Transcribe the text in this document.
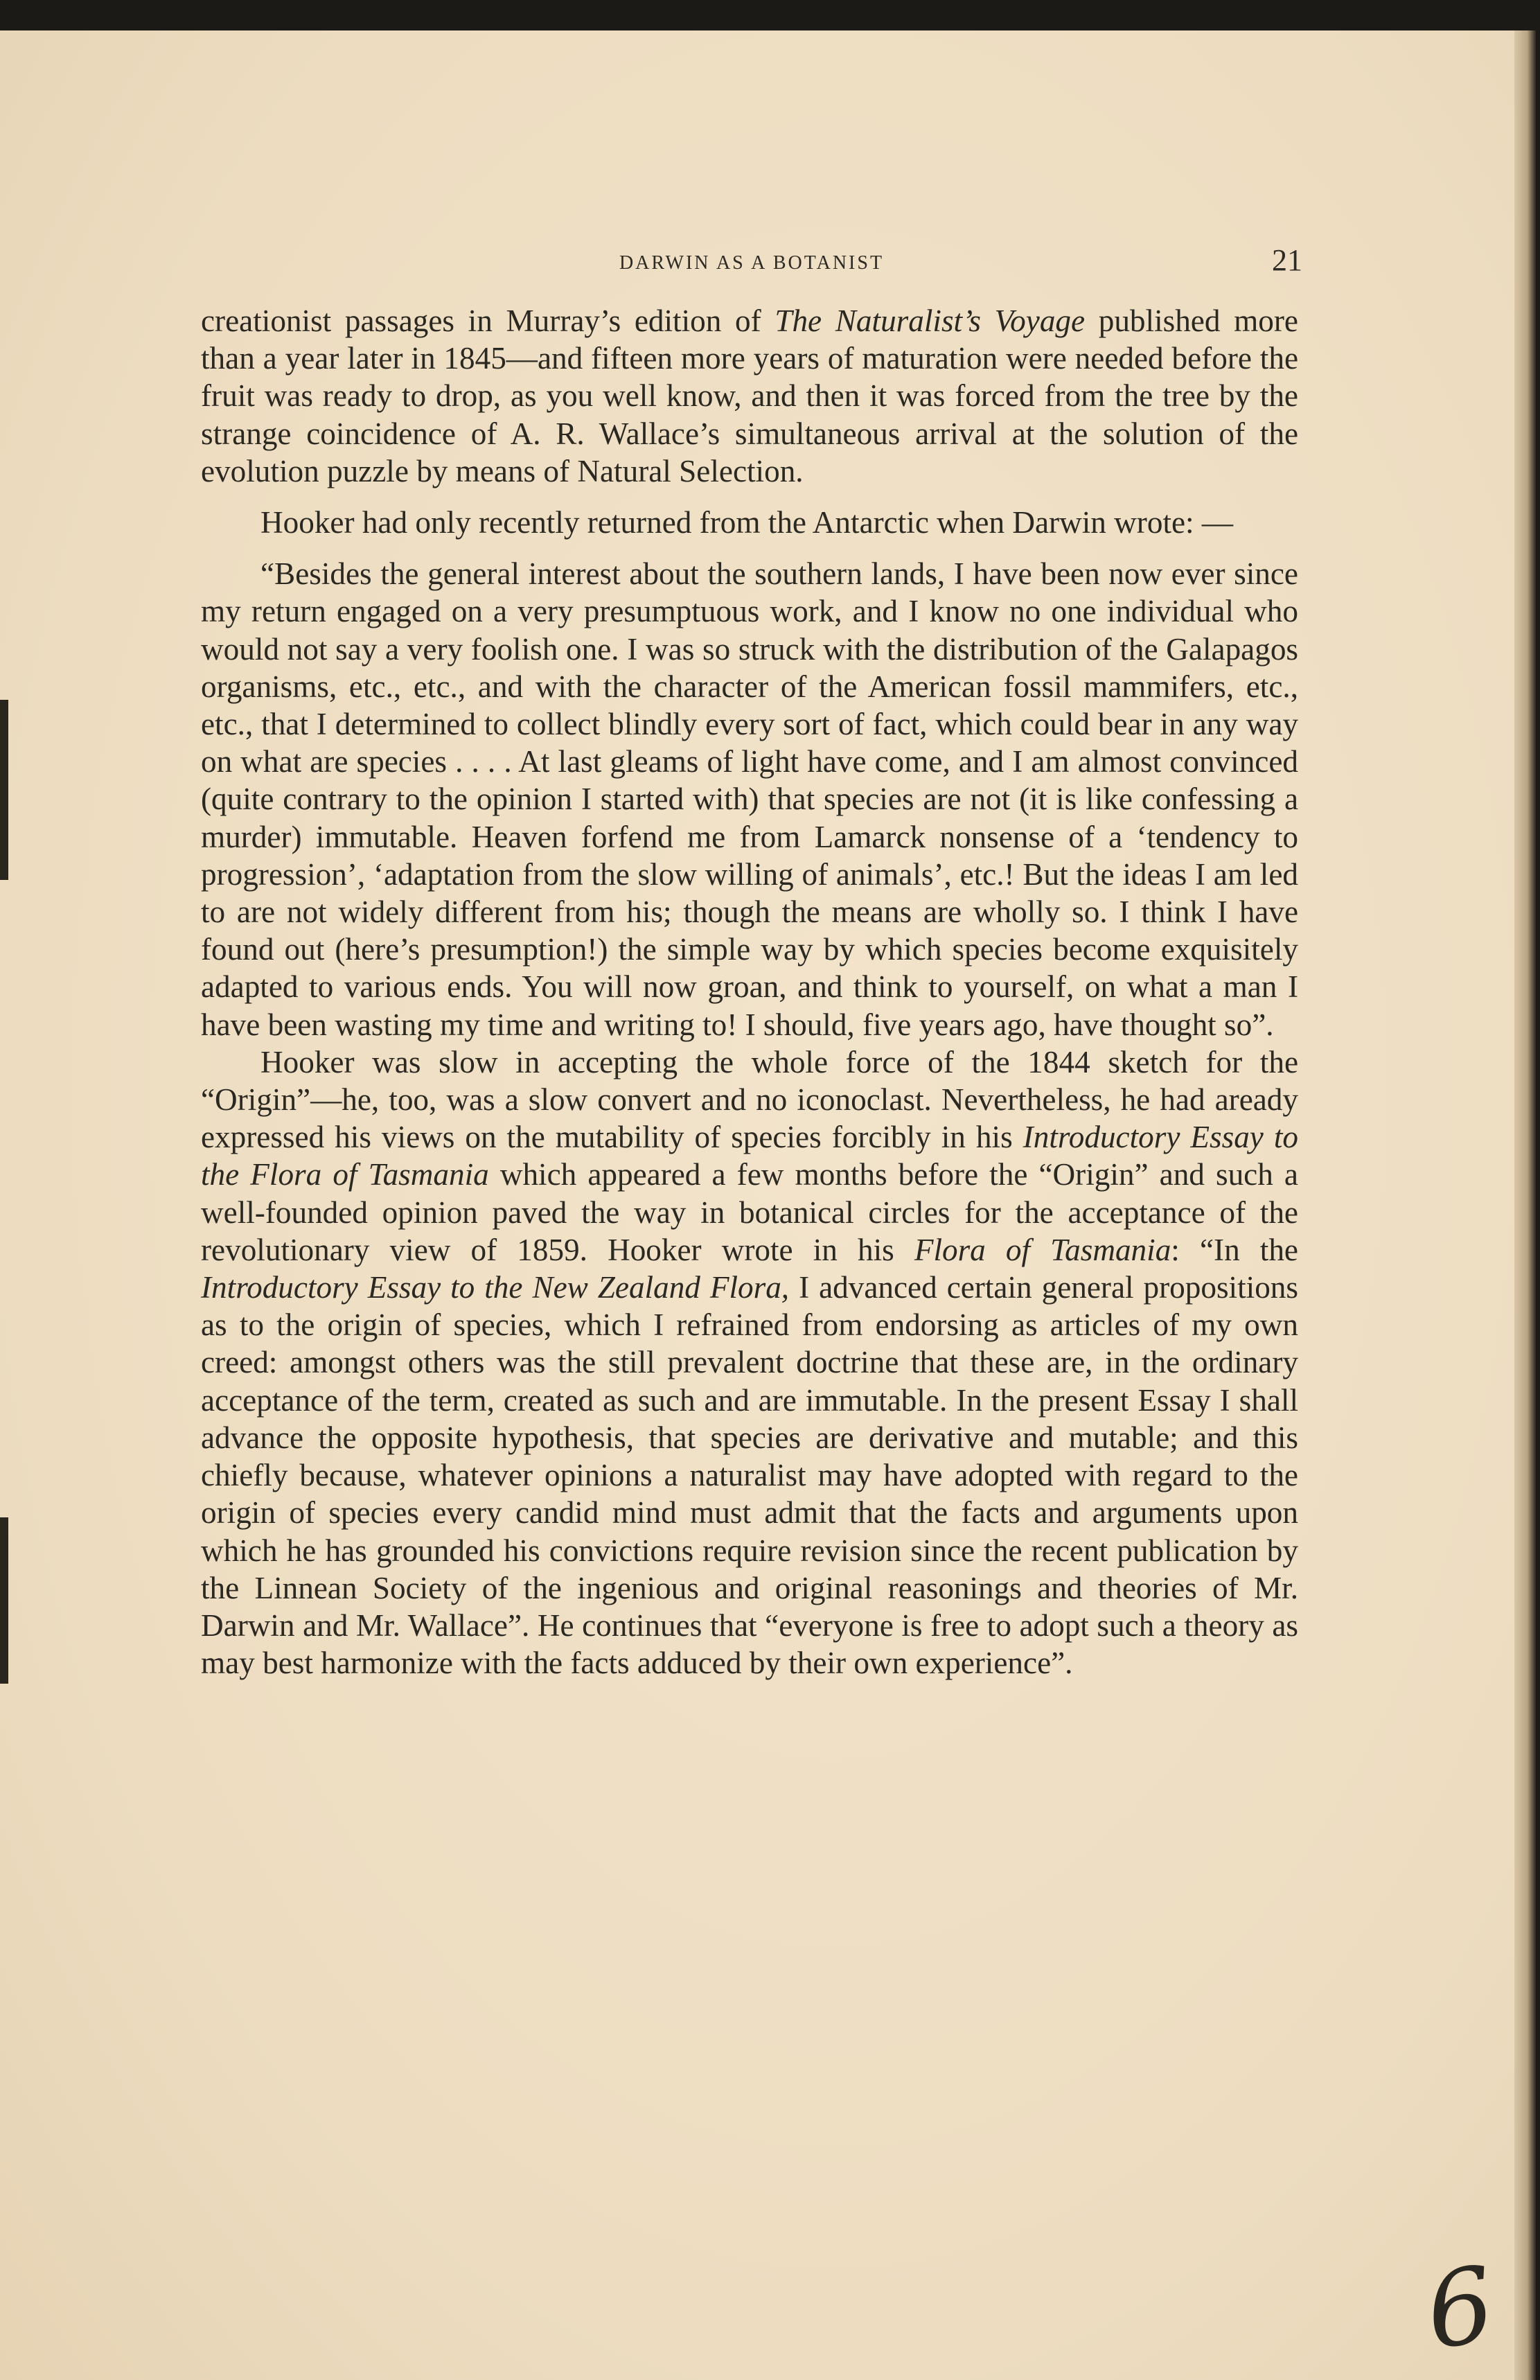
DARWIN AS A BOTANIST	21

creationist passages in Murray’s edition of The Naturalist’s Voyage published more than a year later in 1845—and fifteen more years of maturation were needed before the fruit was ready to drop, as you well know, and then it was forced from the tree by the strange coincidence of A. R. Wallace’s simultaneous arrival at the solution of the evolution puzzle by means of Natural Selection.

Hooker had only recently returned from the Antarctic when Darwin wrote: —

“Besides the general interest about the southern lands, I have been now ever since my return engaged on a very presumptuous work, and I know no one individual who would not say a very foolish one. I was so struck with the distribution of the Galapagos organisms, etc., etc., and with the character of the American fossil mammifers, etc., etc., that I determined to collect blindly every sort of fact, which could bear in any way on what are species . . . . At last gleams of light have come, and I am almost convinced (quite contrary to the opinion I started with) that species are not (it is like confessing a murder) immutable. Heaven forfend me from Lamarck nonsense of a ‘tendency to progression’, ‘adaptation from the slow willing of animals’, etc.! But the ideas I am led to are not widely different from his; though the means are wholly so. I think I have found out (here’s presumption!) the simple way by which species become exquisitely adapted to various ends. You will now groan, and think to yourself, on what a man I have been wasting my time and writing to! I should, five years ago, have thought so”.

Hooker was slow in accepting the whole force of the 1844 sketch for the “Origin”—he, too, was a slow convert and no iconoclast. Nevertheless, he had aready expressed his views on the mutability of species forcibly in his Introductory Essay to the Flora of Tasmania which appeared a few months before the “Origin” and such a well-founded opinion paved the way in botanical circles for the acceptance of the revolutionary view of 1859. Hooker wrote in his Flora of Tasmania: “In the Introductory Essay to the New Zealand Flora, I advanced certain general propositions as to the origin of species, which I refrained from endorsing as articles of my own creed: amongst others was the still prevalent doctrine that these are, in the ordinary acceptance of the term, created as such and are immutable. In the present Essay I shall advance the opposite hypothesis, that species are derivative and mutable; and this chiefly because, whatever opinions a naturalist may have adopted with regard to the origin of species every candid mind must admit that the facts and arguments upon which he has grounded his convictions require revision since the recent publication by the Linnean Society of the ingenious and original reasonings and theories of Mr. Darwin and Mr. Wallace”. He continues that “everyone is free to adopt such a theory as may best harmonize with the facts adduced by their own experience”.

6
